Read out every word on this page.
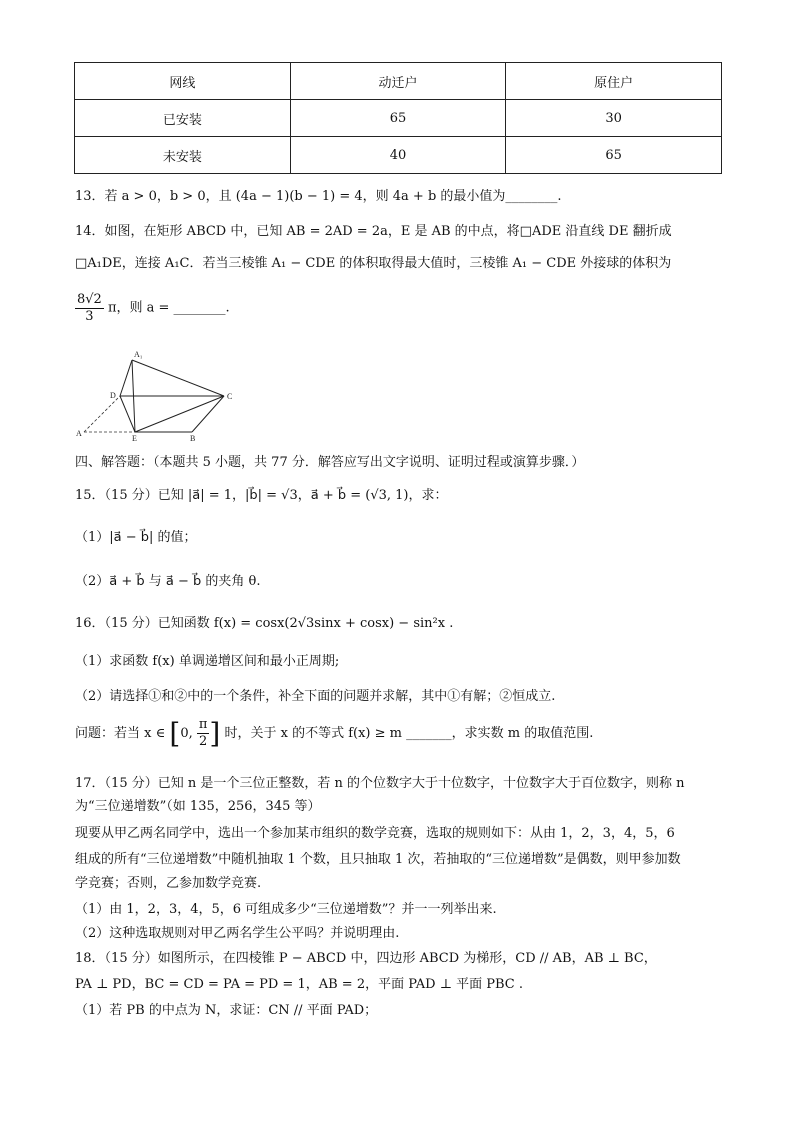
网线	动迁户	原住户
已安装	65	30
未安装	40	65
13．若 a > 0，b > 0，且 (4a − 1)(b − 1) = 4，则 4a + b 的最小值为________.
14．如图，在矩形 ABCD 中，已知 AB = 2AD = 2a，E 是 AB 的中点，将□ADE 沿直线 DE 翻折成
□A₁DE，连接 A₁C．若当三棱锥 A₁ − CDE 的体积取得最大值时，三棱锥 A₁ − CDE 外接球的体积为
$\frac{8√2}{3}$ π，则 a = ________.
A₁
D	C
A
E	B
四、解答题：（本题共 5 小题，共 77 分．解答应写出文字说明、证明过程或演算步骤．）
15．（15 分）已知 |a⃗| = 1，|b⃗| = √3，a⃗ + b⃗ = (√3, 1)，求：
（1）|a⃗ − b⃗| 的值；
（2）a⃗ + b⃗ 与 a⃗ − b⃗ 的夹角 θ.
16．（15 分）已知函数 f(x) = cosx(2√3sinx + cosx) − sin²x .
（1）求函数 f(x) 单调递增区间和最小正周期;
（2）请选择①和②中的一个条件，补全下面的问题并求解，其中①有解；②恒成立.
问题：若当 x ∈ [0, $\frac{\pi}{2}$ ] 时，关于 x 的不等式 f(x) ≥ m _______，求实数 m 的取值范围.
17．（15 分）已知 n 是一个三位正整数，若 n 的个位数字大于十位数字，十位数字大于百位数字，则称 n
为“三位递增数”（如 135，256，345 等）
现要从甲乙两名同学中，选出一个参加某市组织的数学竞赛，选取的规则如下：从由 1，2，3，4，5，6
组成的所有“三位递增数”中随机抽取 1 个数，且只抽取 1 次，若抽取的“三位递增数”是偶数，则甲参加数
学竞赛；否则，乙参加数学竞赛.
（1）由 1，2，3，4，5，6 可组成多少“三位递增数”？并一一列举出来.
（2）这种选取规则对甲乙两名学生公平吗？并说明理由.
18．（15 分）如图所示，在四棱锥 P − ABCD 中，四边形 ABCD 为梯形，CD // AB，AB ⊥ BC，
PA ⊥ PD，BC = CD = PA = PD = 1，AB = 2，平面 PAD ⊥ 平面 PBC .
（1）若 PB 的中点为 N，求证：CN // 平面 PAD；
